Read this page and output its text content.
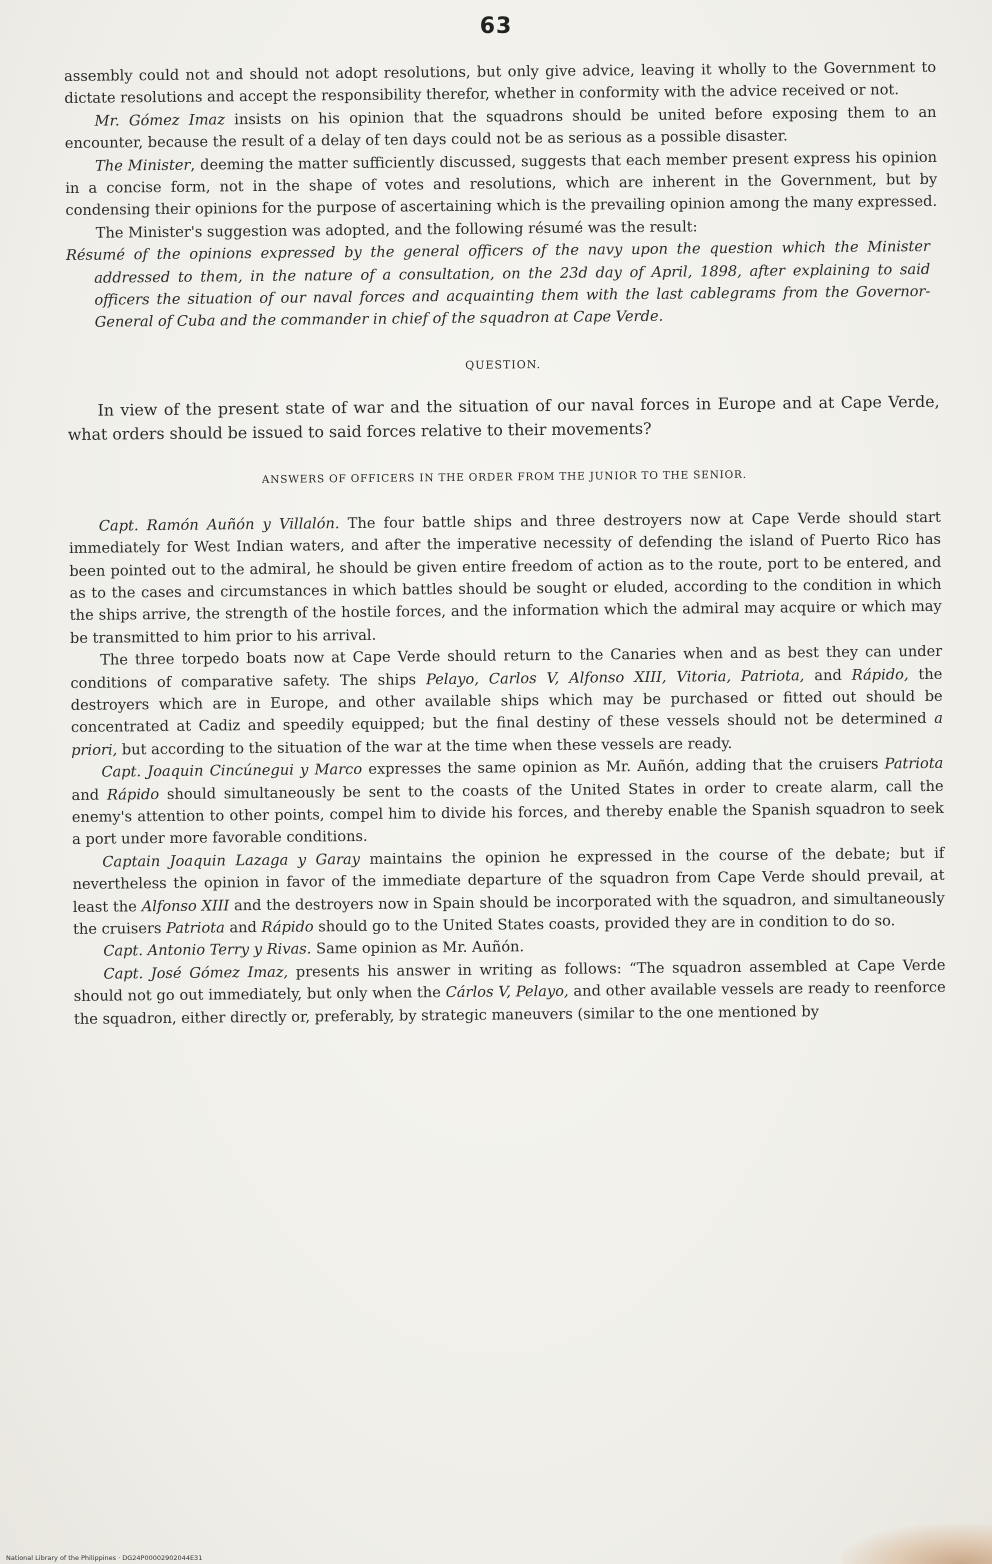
63

assembly could not and should not adopt resolutions, but only give advice, leaving it wholly to the Government to dictate resolutions and accept the responsibility therefor, whether in conformity with the advice received or not.

Mr. Gómez Imaz insists on his opinion that the squadrons should be united before exposing them to an encounter, because the result of a delay of ten days could not be as serious as a possible disaster.

The Minister, deeming the matter sufficiently discussed, suggests that each member present express his opinion in a concise form, not in the shape of votes and resolutions, which are inherent in the Government, but by condensing their opinions for the purpose of ascertaining which is the prevailing opinion among the many expressed.

The Minister's suggestion was adopted, and the following résumé was the result:

Résumé of the opinions expressed by the general officers of the navy upon the question which the Minister addressed to them, in the nature of a consultation, on the 23d day of April, 1898, after explaining to said officers the situation of our naval forces and acquainting them with the last cablegrams from the Governor-General of Cuba and the commander in chief of the squadron at Cape Verde.

QUESTION.

In view of the present state of war and the situation of our naval forces in Europe and at Cape Verde, what orders should be issued to said forces relative to their movements?

ANSWERS OF OFFICERS IN THE ORDER FROM THE JUNIOR TO THE SENIOR.

Capt. Ramón Auñón y Villalón. The four battle ships and three destroyers now at Cape Verde should start immediately for West Indian waters, and after the imperative necessity of defending the island of Puerto Rico has been pointed out to the admiral, he should be given entire freedom of action as to the route, port to be entered, and as to the cases and circumstances in which battles should be sought or eluded, according to the condition in which the ships arrive, the strength of the hostile forces, and the information which the admiral may acquire or which may be transmitted to him prior to his arrival.

The three torpedo boats now at Cape Verde should return to the Canaries when and as best they can under conditions of comparative safety. The ships Pelayo, Carlos V, Alfonso XIII, Vitoria, Patriota, and Rápido, the destroyers which are in Europe, and other available ships which may be purchased or fitted out should be concentrated at Cadiz and speedily equipped; but the final destiny of these vessels should not be determined a priori, but according to the situation of the war at the time when these vessels are ready.

Capt. Joaquin Cincúnegui y Marco expresses the same opinion as Mr. Auñón, adding that the cruisers Patriota and Rápido should simultaneously be sent to the coasts of the United States in order to create alarm, call the enemy's attention to other points, compel him to divide his forces, and thereby enable the Spanish squadron to seek a port under more favorable conditions.

Captain Joaquin Lazaga y Garay maintains the opinion he expressed in the course of the debate; but if nevertheless the opinion in favor of the immediate departure of the squadron from Cape Verde should prevail, at least the Alfonso XIII and the destroyers now in Spain should be incorporated with the squadron, and simultaneously the cruisers Patriota and Rápido should go to the United States coasts, provided they are in condition to do so.

Capt. Antonio Terry y Rivas. Same opinion as Mr. Auñón.

Capt. José Gómez Imaz, presents his answer in writing as follows: “The squadron assembled at Cape Verde should not go out immediately, but only when the Cárlos V, Pelayo, and other available vessels are ready to reenforce the squadron, either directly or, preferably, by strategic maneuvers (similar to the one mentioned by

National Library of the Philippines · DG24P00002902044E31
